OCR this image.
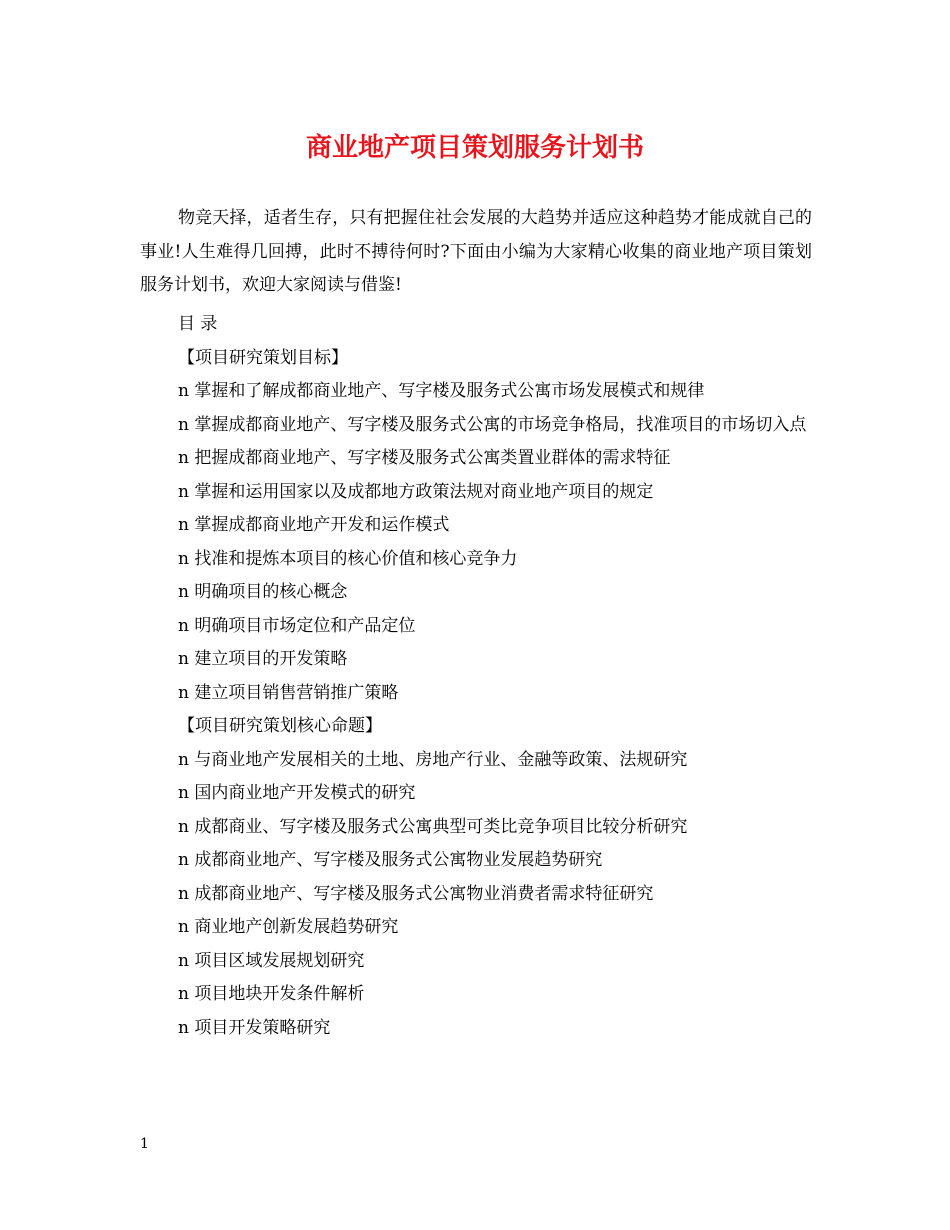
商业地产项目策划服务计划书

物竞天择，适者生存，只有把握住社会发展的大趋势并适应这种趋势才能成就自己的事业!人生难得几回搏，此时不搏待何时?下面由小编为大家精心收集的商业地产项目策划服务计划书，欢迎大家阅读与借鉴!

目 录
【项目研究策划目标】
n 掌握和了解成都商业地产、写字楼及服务式公寓市场发展模式和规律
n 掌握成都商业地产、写字楼及服务式公寓的市场竞争格局，找准项目的市场切入点
n 把握成都商业地产、写字楼及服务式公寓类置业群体的需求特征
n 掌握和运用国家以及成都地方政策法规对商业地产项目的规定
n 掌握成都商业地产开发和运作模式
n 找准和提炼本项目的核心价值和核心竞争力
n 明确项目的核心概念
n 明确项目市场定位和产品定位
n 建立项目的开发策略
n 建立项目销售营销推广策略
【项目研究策划核心命题】
n 与商业地产发展相关的土地、房地产行业、金融等政策、法规研究
n 国内商业地产开发模式的研究
n 成都商业、写字楼及服务式公寓典型可类比竞争项目比较分析研究
n 成都商业地产、写字楼及服务式公寓物业发展趋势研究
n 成都商业地产、写字楼及服务式公寓物业消费者需求特征研究
n 商业地产创新发展趋势研究
n 项目区域发展规划研究
n 项目地块开发条件解析
n 项目开发策略研究
1
